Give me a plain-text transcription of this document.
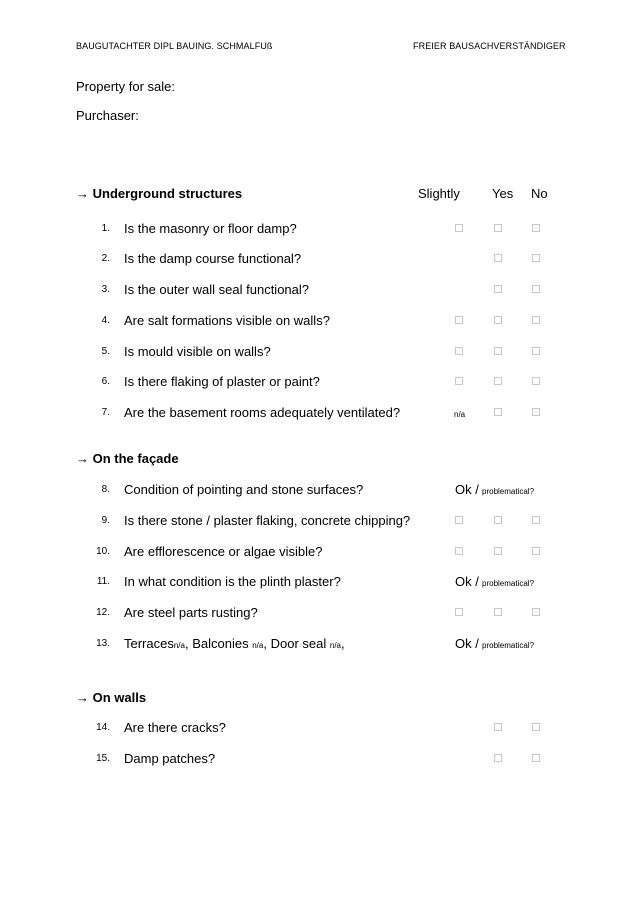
BAUGUTACHTER DIPL BAUING. SCHMALFUß	FREIER BAUSACHVERSTÄNDIGER
Property for sale:
Purchaser:
→ Underground structures	Slightly Yes No
1. Is the masonry or floor damp?
2. Is the damp course functional?
3. Is the outer wall seal functional?
4. Are salt formations visible on walls?
5. Is mould visible on walls?
6. Is there flaking of plaster or paint?
7. Are the basement rooms adequately ventilated?	n/a
→ On the façade
8. Condition of pointing and stone surfaces?	Ok / problematical?
9. Is there stone / plaster flaking, concrete chipping?
10. Are efflorescence or algae visible?
11. In what condition is the plinth plaster?	Ok / problematical?
12. Are steel parts rusting?
13. Terracesn/a, Balconies n/a, Door seal n/a,	Ok / problematical?
→ On walls
14. Are there cracks?
15. Damp patches?
